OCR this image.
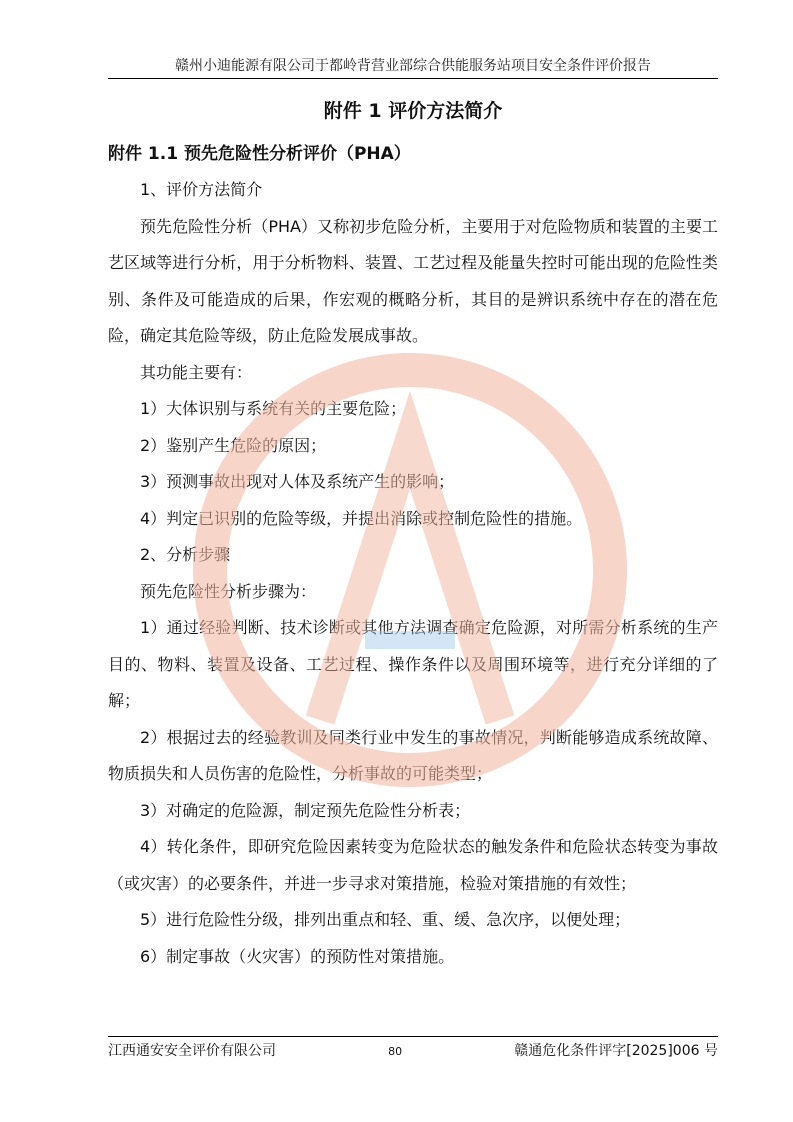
赣州小迪能源有限公司于都岭背营业部综合供能服务站项目安全条件评价报告
附件 1 评价方法简介
附件 1.1 预先危险性分析评价（PHA）

1、评价方法简介

预先危险性分析（PHA）又称初步危险分析，主要用于对危险物质和装置的主要工艺区域等进行分析，用于分析物料、装置、工艺过程及能量失控时可能出现的危险性类别、条件及可能造成的后果，作宏观的概略分析，其目的是辨识系统中存在的潜在危险，确定其危险等级，防止危险发展成事故。

其功能主要有：

1）大体识别与系统有关的主要危险；

2）鉴别产生危险的原因；

3）预测事故出现对人体及系统产生的影响；

4）判定已识别的危险等级，并提出消除或控制危险性的措施。

2、分析步骤

预先危险性分析步骤为：

1）通过经验判断、技术诊断或其他方法调查确定危险源，对所需分析系统的生产目的、物料、装置及设备、工艺过程、操作条件以及周围环境等，进行充分详细的了解；

2）根据过去的经验教训及同类行业中发生的事故情况，判断能够造成系统故障、物质损失和人员伤害的危险性，分析事故的可能类型；

3）对确定的危险源，制定预先危险性分析表；

4）转化条件，即研究危险因素转变为危险状态的触发条件和危险状态转变为事故（或灾害）的必要条件，并进一步寻求对策措施，检验对策措施的有效性；

5）进行危险性分级，排列出重点和轻、重、缓、急次序，以便处理；

6）制定事故（火灾害）的预防性对策措施。

江西通安安全评价有限公司	80	赣通危化条件评字[2025]006 号
